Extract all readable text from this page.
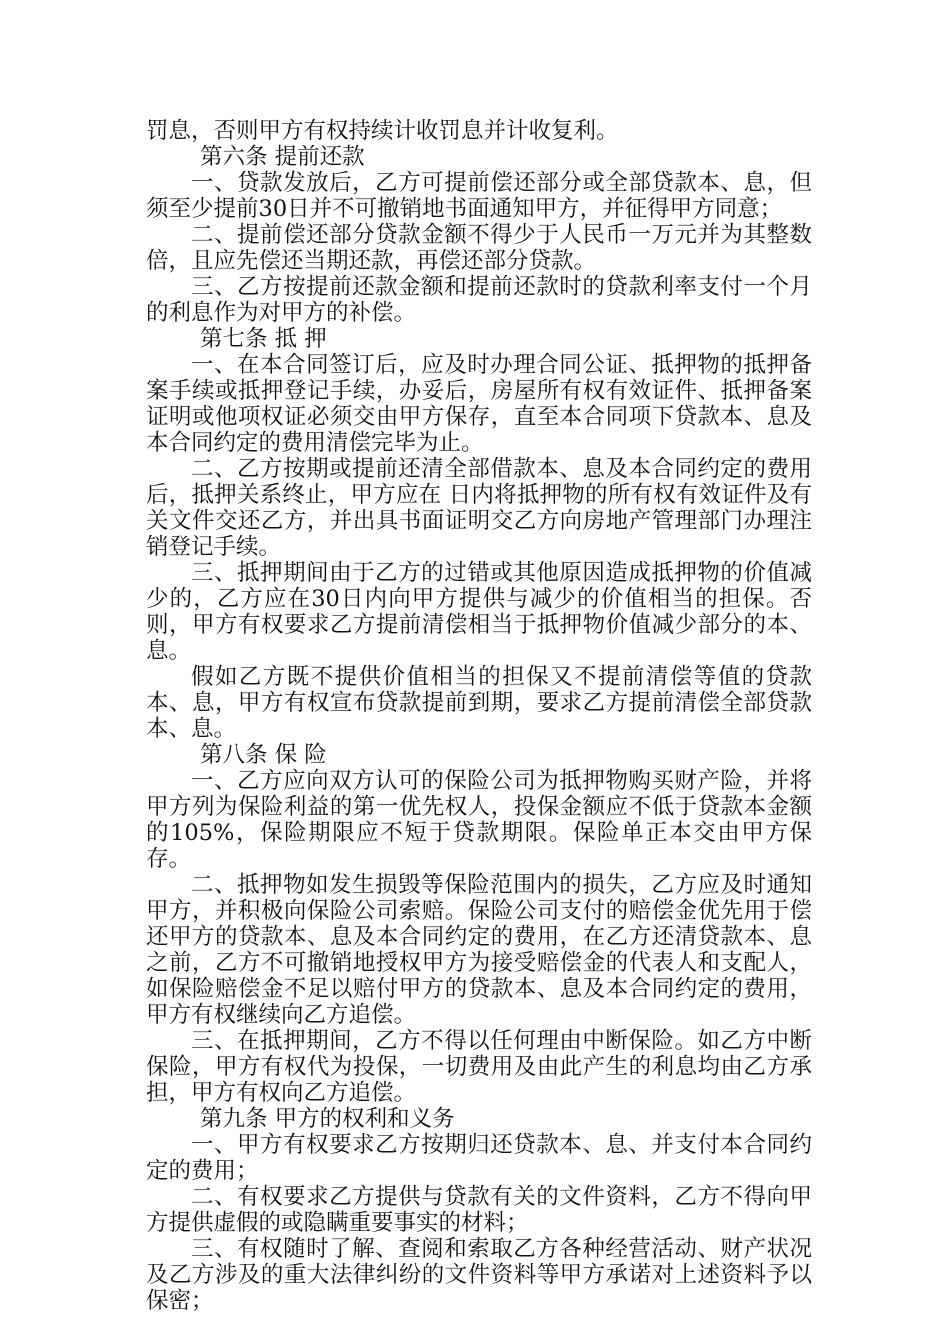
罚息，否则甲方有权持续计收罚息并计收复利。

第六条 提前还款

一、贷款发放后，乙方可提前偿还部分或全部贷款本、息，但须至少提前30日并不可撤销地书面通知甲方，并征得甲方同意；

二、提前偿还部分贷款金额不得少于人民币一万元并为其整数倍，且应先偿还当期还款，再偿还部分贷款。

三、乙方按提前还款金额和提前还款时的贷款利率支付一个月的利息作为对甲方的补偿。

第七条 抵 押

一、在本合同签订后，应及时办理合同公证、抵押物的抵押备案手续或抵押登记手续，办妥后，房屋所有权有效证件、抵押备案证明或他项权证必须交由甲方保存，直至本合同项下贷款本、息及本合同约定的费用清偿完毕为止。

二、乙方按期或提前还清全部借款本、息及本合同约定的费用后，抵押关系终止，甲方应在 日内将抵押物的所有权有效证件及有关文件交还乙方，并出具书面证明交乙方向房地产管理部门办理注销登记手续。

三、抵押期间由于乙方的过错或其他原因造成抵押物的价值减少的，乙方应在30日内向甲方提供与减少的价值相当的担保。否则，甲方有权要求乙方提前清偿相当于抵押物价值减少部分的本、息。

假如乙方既不提供价值相当的担保又不提前清偿等值的贷款本、息，甲方有权宣布贷款提前到期，要求乙方提前清偿全部贷款本、息。

第八条 保 险

一、乙方应向双方认可的保险公司为抵押物购买财产险，并将甲方列为保险利益的第一优先权人，投保金额应不低于贷款本金额的105%，保险期限应不短于贷款期限。保险单正本交由甲方保存。

二、抵押物如发生损毁等保险范围内的损失，乙方应及时通知甲方，并积极向保险公司索赔。保险公司支付的赔偿金优先用于偿还甲方的贷款本、息及本合同约定的费用，在乙方还清贷款本、息之前，乙方不可撤销地授权甲方为接受赔偿金的代表人和支配人，如保险赔偿金不足以赔付甲方的贷款本、息及本合同约定的费用，甲方有权继续向乙方追偿。

三、在抵押期间，乙方不得以任何理由中断保险。如乙方中断保险，甲方有权代为投保，一切费用及由此产生的利息均由乙方承担，甲方有权向乙方追偿。

第九条 甲方的权利和义务

一、甲方有权要求乙方按期归还贷款本、息、并支付本合同约定的费用；

二、有权要求乙方提供与贷款有关的文件资料，乙方不得向甲方提供虚假的或隐瞒重要事实的材料；

三、有权随时了解、查阅和索取乙方各种经营活动、财产状况及乙方涉及的重大法律纠纷的文件资料等甲方承诺对上述资料予以保密；
